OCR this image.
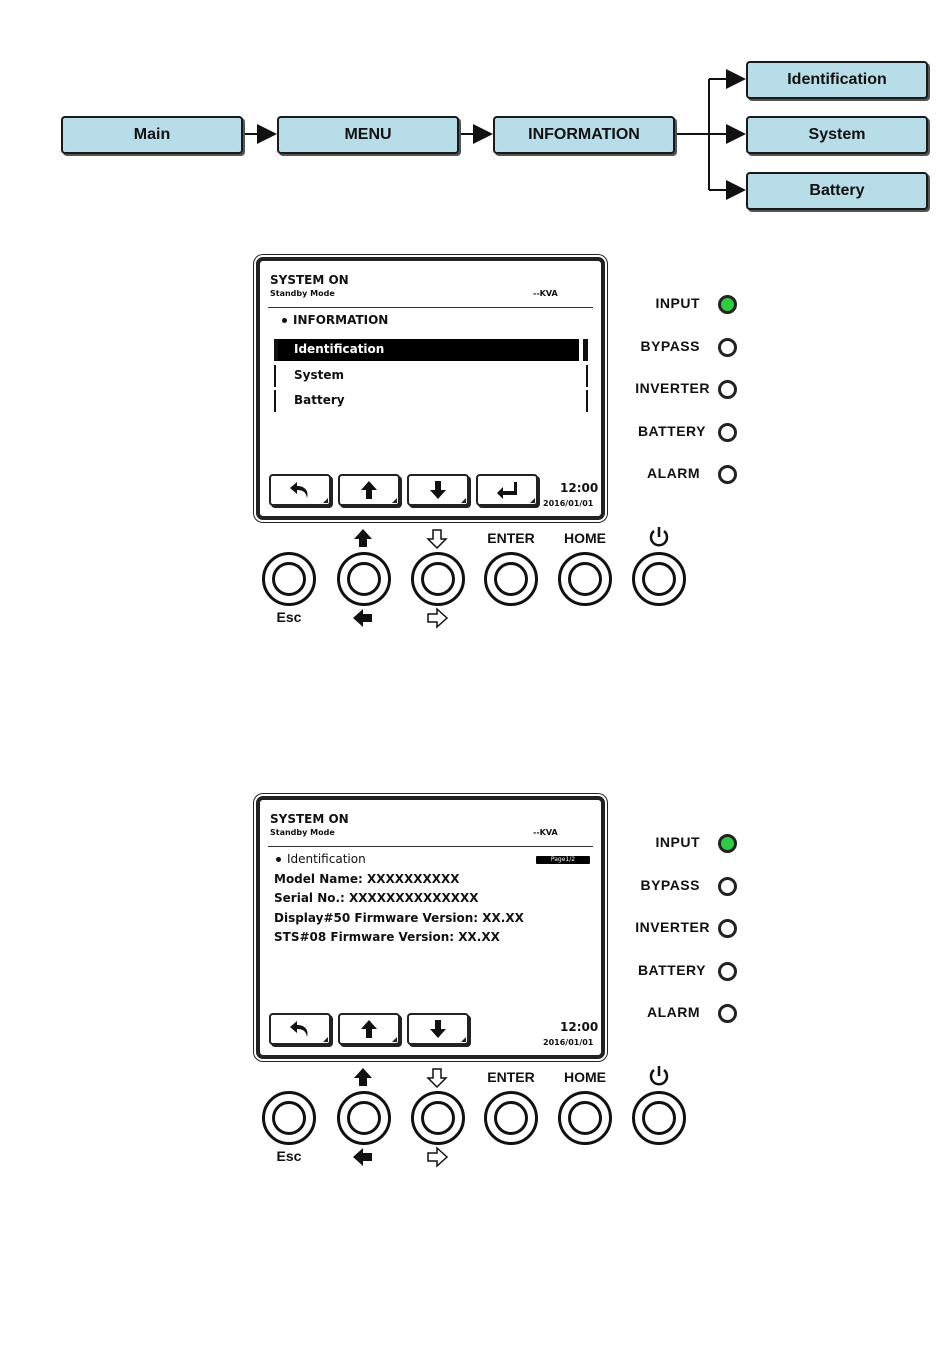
Main	MENU	INFORMATION
Identification
System
Battery
SYSTEM ON
Standby Mode	--KVA
INFORMATION
Identification
System
Battery
12:00
2016/01/01
INPUT
BYPASS
INVERTER
BATTERY
ALARM
ENTER	HOME
Esc
SYSTEM ON
Standby Mode	--KVA
Identification	Page1/2
Model Name: XXXXXXXXXX
Serial No.: XXXXXXXXXXXXXX
Display#50 Firmware Version: XX.XX
STS#08 Firmware Version: XX.XX
12:00
2016/01/01
INPUT
BYPASS
INVERTER
BATTERY
ALARM
ENTER	HOME
Esc
